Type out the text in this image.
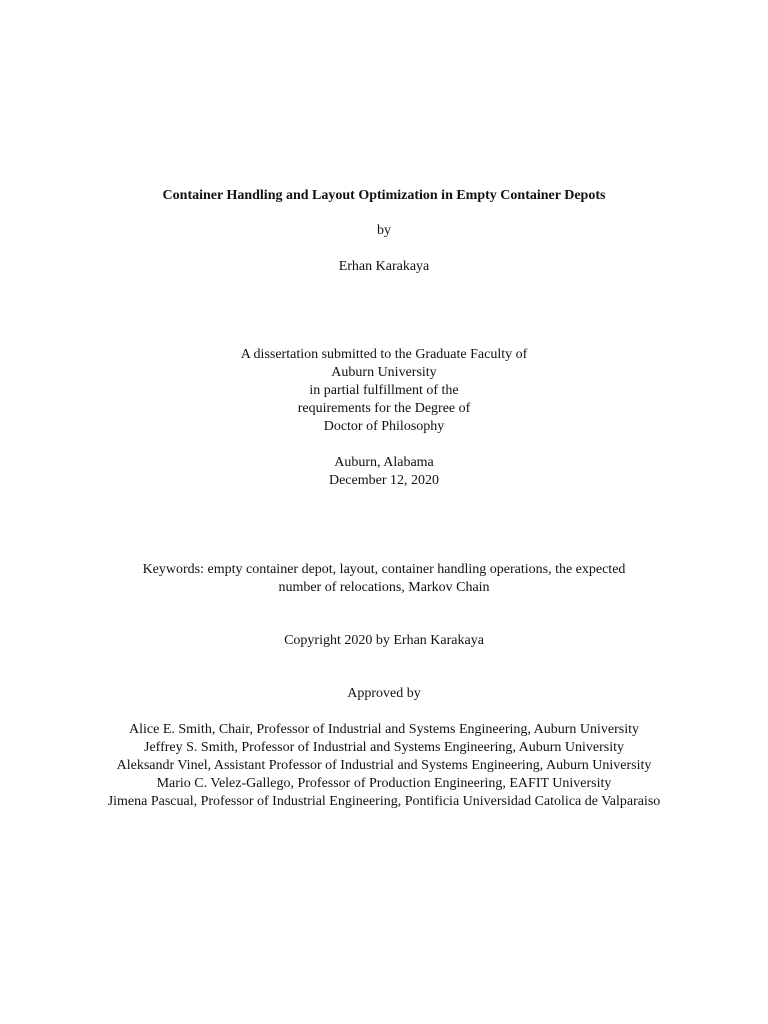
Container Handling and Layout Optimization in Empty Container Depots
by
Erhan Karakaya
A dissertation submitted to the Graduate Faculty of
Auburn University
in partial fulfillment of the
requirements for the Degree of
Doctor of Philosophy
Auburn, Alabama
December 12, 2020
Keywords: empty container depot, layout, container handling operations, the expected
number of relocations, Markov Chain
Copyright 2020 by Erhan Karakaya
Approved by
Alice E. Smith, Chair, Professor of Industrial and Systems Engineering, Auburn University
Jeffrey S. Smith, Professor of Industrial and Systems Engineering, Auburn University
Aleksandr Vinel, Assistant Professor of Industrial and Systems Engineering, Auburn University
Mario C. Velez-Gallego, Professor of Production Engineering, EAFIT University
Jimena Pascual, Professor of Industrial Engineering, Pontificia Universidad Catolica de Valparaiso
